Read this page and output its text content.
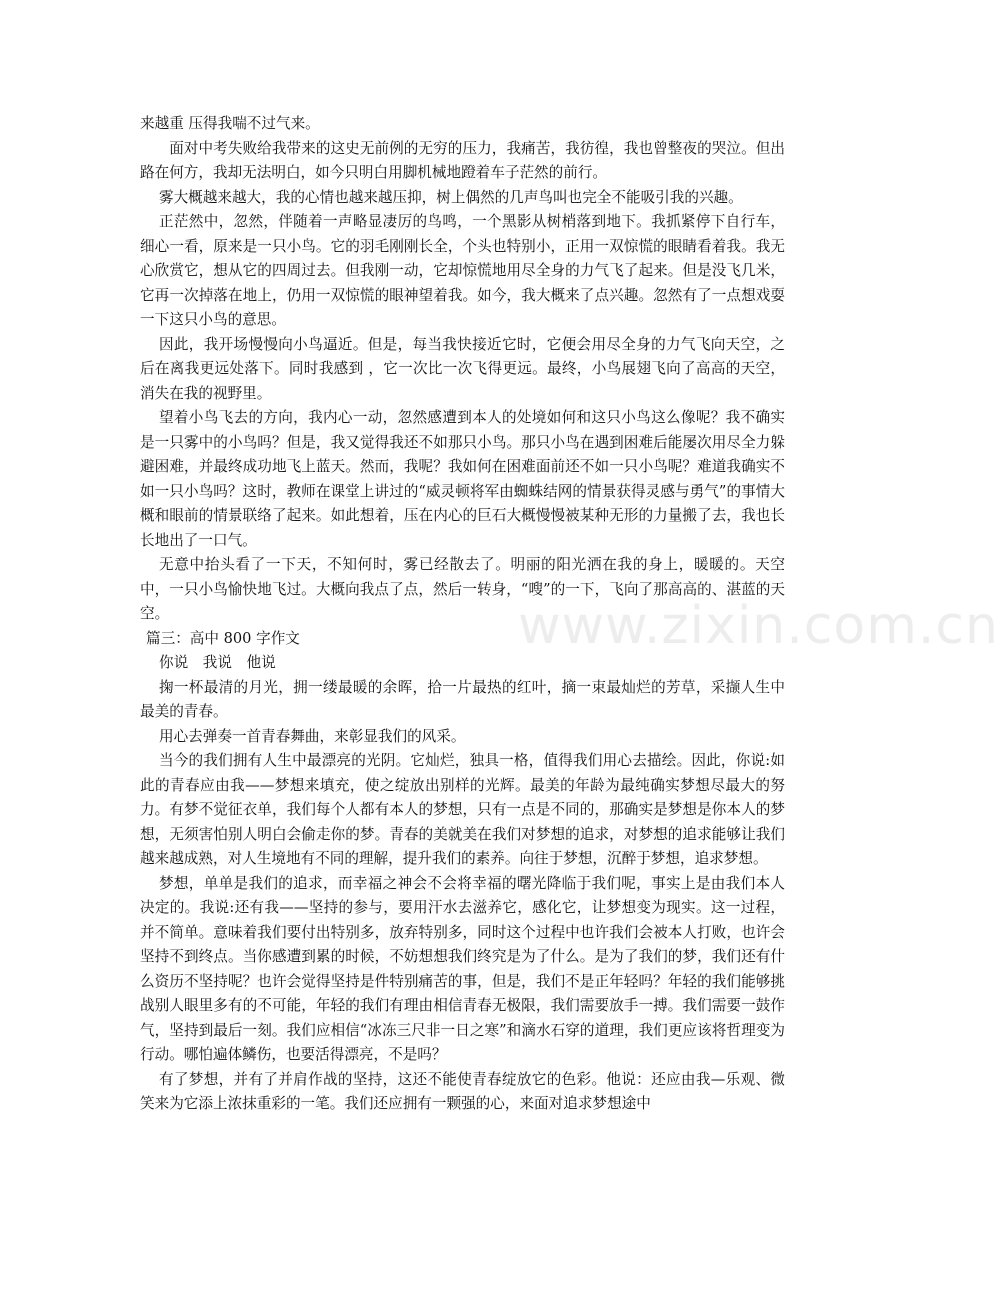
来越重 压得我喘不过气来。

面对中考失败给我带来的这史无前例的无穷的压力，我痛苦，我彷徨，我也曾整夜的哭泣。但出路在何方，我却无法明白，如今只明白用脚机械地蹬着车子茫然的前行。

雾大概越来越大，我的心情也越来越压抑，树上偶然的几声鸟叫也完全不能吸引我的兴趣。

正茫然中，忽然，伴随着一声略显凄厉的鸟鸣，一个黑影从树梢落到地下。我抓紧停下自行车，细心一看，原来是一只小鸟。它的羽毛刚刚长全，个头也特别小，正用一双惊慌的眼睛看着我。我无心欣赏它，想从它的四周过去。但我刚一动，它却惊慌地用尽全身的力气飞了起来。但是没飞几米，它再一次掉落在地上，仍用一双惊慌的眼神望着我。如今，我大概来了点兴趣。忽然有了一点想戏耍一下这只小鸟的意思。

因此，我开场慢慢向小鸟逼近。但是，每当我快接近它时，它便会用尽全身的力气飞向天空，之后在离我更远处落下。同时我感到 ，它一次比一次飞得更远。最终，小鸟展翅飞向了高高的天空，消失在我的视野里。

望着小鸟飞去的方向，我内心一动，忽然感遭到本人的处境如何和这只小鸟这么像呢？我不确实是一只雾中的小鸟吗？但是，我又觉得我还不如那只小鸟。那只小鸟在遇到困难后能屡次用尽全力躲避困难，并最终成功地飞上蓝天。然而，我呢？我如何在困难面前还不如一只小鸟呢？难道我确实不如一只小鸟吗？这时，教师在课堂上讲过的“威灵顿将军由蜘蛛结网的情景获得灵感与勇气”的事情大概和眼前的情景联络了起来。如此想着，压在内心的巨石大概慢慢被某种无形的力量搬了去，我也长长地出了一口气。

无意中抬头看了一下天，不知何时，雾已经散去了。明丽的阳光洒在我的身上，暖暖的。天空中，一只小鸟愉快地飞过。大概向我点了点，然后一转身，“嗖”的一下，飞向了那高高的、湛蓝的天空。

篇三：高中 800 字作文

你说　我说　他说

掬一杯最清的月光，拥一缕最暖的余晖，拾一片最热的红叶，摘一束最灿烂的芳草，采撷人生中最美的青春。

用心去弹奏一首青春舞曲，来彰显我们的风采。

当今的我们拥有人生中最漂亮的光阴。它灿烂，独具一格，值得我们用心去描绘。因此，你说:如此的青春应由我——梦想来填充，使之绽放出别样的光辉。最美的年龄为最纯确实梦想尽最大的努力。有梦不觉征衣单，我们每个人都有本人的梦想，只有一点是不同的，那确实是梦想是你本人的梦想，无须害怕别人明白会偷走你的梦。青春的美就美在我们对梦想的追求，对梦想的追求能够让我们越来越成熟，对人生境地有不同的理解，提升我们的素养。向往于梦想，沉醉于梦想，追求梦想。

梦想，单单是我们的追求，而幸福之神会不会将幸福的曙光降临于我们呢，事实上是由我们本人决定的。我说:还有我——坚持的参与，要用汗水去滋养它，感化它，让梦想变为现实。这一过程，并不简单。意味着我们要付出特别多，放弃特别多，同时这个过程中也许我们会被本人打败，也许会坚持不到终点。当你感遭到累的时候，不妨想想我们终究是为了什么。是为了我们的梦，我们还有什么资历不坚持呢？也许会觉得坚持是件特别痛苦的事，但是，我们不是正年轻吗？年轻的我们能够挑战别人眼里多有的不可能，年轻的我们有理由相信青春无极限，我们需要放手一搏。我们需要一鼓作气，坚持到最后一刻。我们应相信“冰冻三尺非一日之寒”和滴水石穿的道理，我们更应该将哲理变为行动。哪怕遍体鳞伤，也要活得漂亮，不是吗？

有了梦想，并有了并肩作战的坚持，这还不能使青春绽放它的色彩。他说：还应由我—乐观、微笑来为它添上浓抹重彩的一笔。我们还应拥有一颗强的心，来面对追求梦想途中

www.zixin.com.cn
